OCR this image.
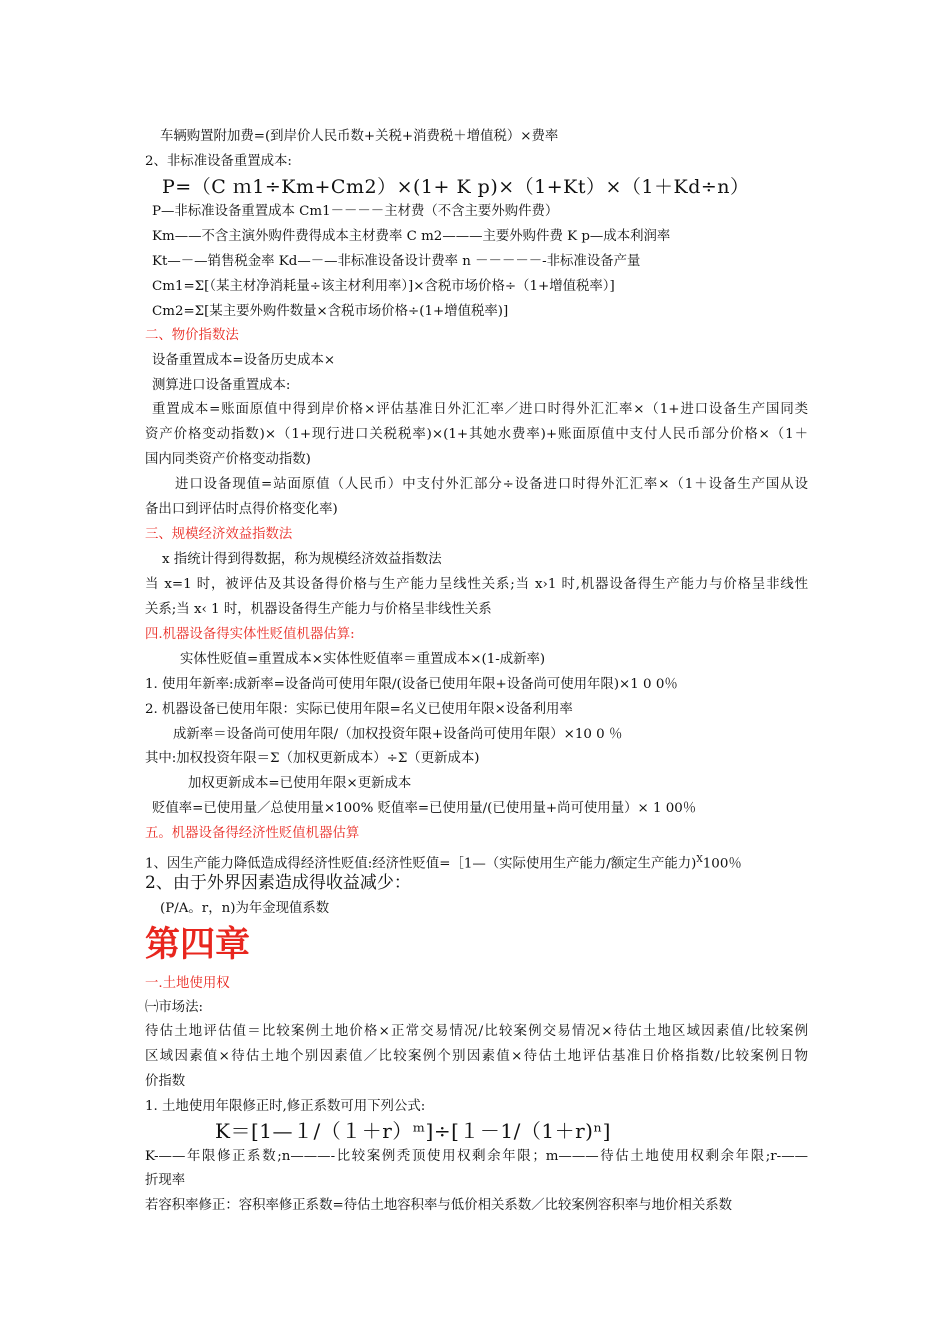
车辆购置附加费=(到岸价人民币数+关税+消费税＋增值税）×费率
2、非标准设备重置成本:
P=（C ｍ1÷Km+Cm2）×(1+ K p)×（1+Kt）×（1＋Kd÷n）
P—非标准设备重置成本 Cm1－－－－主材费（不含主要外购件费）
Km——不含主演外购件费得成本主材费率 C m2———主要外购件费 K p—成本利润率
Kt—－—销售税金率 Kd—－—非标准设备设计费率 n －－－－－-非标准设备产量
Cm1=Σ[（某主材净消耗量÷该主材利用率）]×含税市场价格÷（1+增值税率）]
Cm2=Σ[某主要外购件数量×含税市场价格÷(1+增值税率)]
二、物价指数法
设备重置成本=设备历史成本×
测算进口设备重置成本:
重置成本=账面原值中得到岸价格×评估基准日外汇汇率／进口时得外汇汇率×（1+进口设备生产国同类
资产价格变动指数)×（1+现行进口关税税率)×(1+其她水费率)+账面原值中支付人民币部分价格×（1＋
国内同类资产价格变动指数)
进口设备现值=站面原值（人民币）中支付外汇部分÷设备进口时得外汇汇率×（1＋设备生产国从设
备出口到评估时点得价格变化率)
三、规模经济效益指数法
x 指统计得到得数据，称为规模经济效益指数法
当 x=1 时，被评估及其设备得价格与生产能力呈线性关系;当 x›1 时,机器设备得生产能力与价格呈非线性
关系;当 x‹ 1 时，机器设备得生产能力与价格呈非线性关系
四.机器设备得实体性贬值机器估算:
实体性贬值=重置成本×实体性贬值率＝重置成本×(1-成新率)
1. 使用年新率:成新率=设备尚可使用年限/(设备已使用年限+设备尚可使用年限)×1 0 0％
2. 机器设备已使用年限：实际已使用年限=名义已使用年限×设备利用率
成新率＝设备尚可使用年限/（加权投资年限+设备尚可使用年限）×10 0 ％
其中:加权投资年限＝Σ（加权更新成本）÷Σ（更新成本)
加权更新成本=已使用年限×更新成本
贬值率=已使用量／总使用量×100% 贬值率=已使用量/(已使用量+尚可使用量）× 1 00％
五。机器设备得经济性贬值机器估算
1、因生产能力降低造成得经济性贬值:经济性贬值=［1—（实际使用生产能力/额定生产能力)$^X$100％
2、由于外界因素造成得收益减少：
(P/A。r，n)为年金现值系数
第四章
一.土地使用权
㈠市场法:
待估土地评估值＝比较案例土地价格×正常交易情况/比较案例交易情况×待估土地区域因素值/比较案例
区域因素值×待估土地个别因素值／比较案例个别因素值×待估土地评估基准日价格指数/比较案例日物
价指数
1. 土地使用年限修正时,修正系数可用下列公式:
K＝[1—１/（１＋r）ᵐ]÷[１－1/（1＋r)ⁿ]
K-——年限修正系数;n———-比较案例秃顶使用权剩余年限；m———待估土地使用权剩余年限;r-——
折现率
若容积率修正：容积率修正系数=待估土地容积率与低价相关系数／比较案例容积率与地价相关系数
